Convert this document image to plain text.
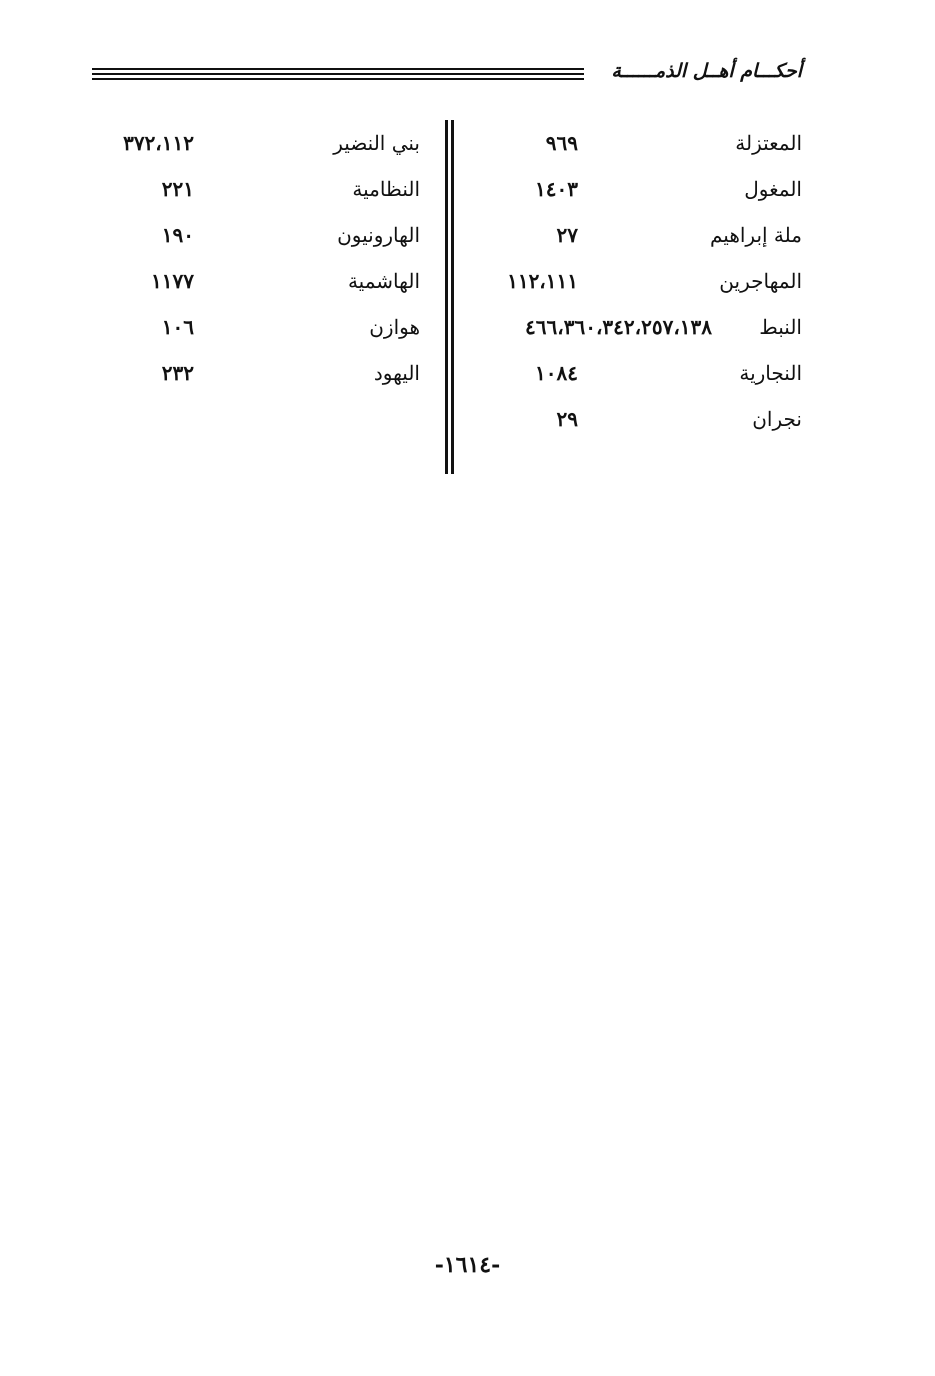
أحكـــام أهــل الذمــــــة
المعتزلة
٩٦٩
المغول
١٤٠٣
ملة إبراهيم
٢٧
المهاجرين
١١٢،١١١
النبط
٤٦٦،٣٦٠،٣٤٢،٢٥٧،١٣٨
النجارية
١٠٨٤
نجران
٢٩
بني النضير
٣٧٢،١١٢
النظامية
٢٢١
الهارونيون
١٩٠
الهاشمية
١١٧٧
هوازن
١٠٦
اليهود
٢٣٢
-١٦١٤-
